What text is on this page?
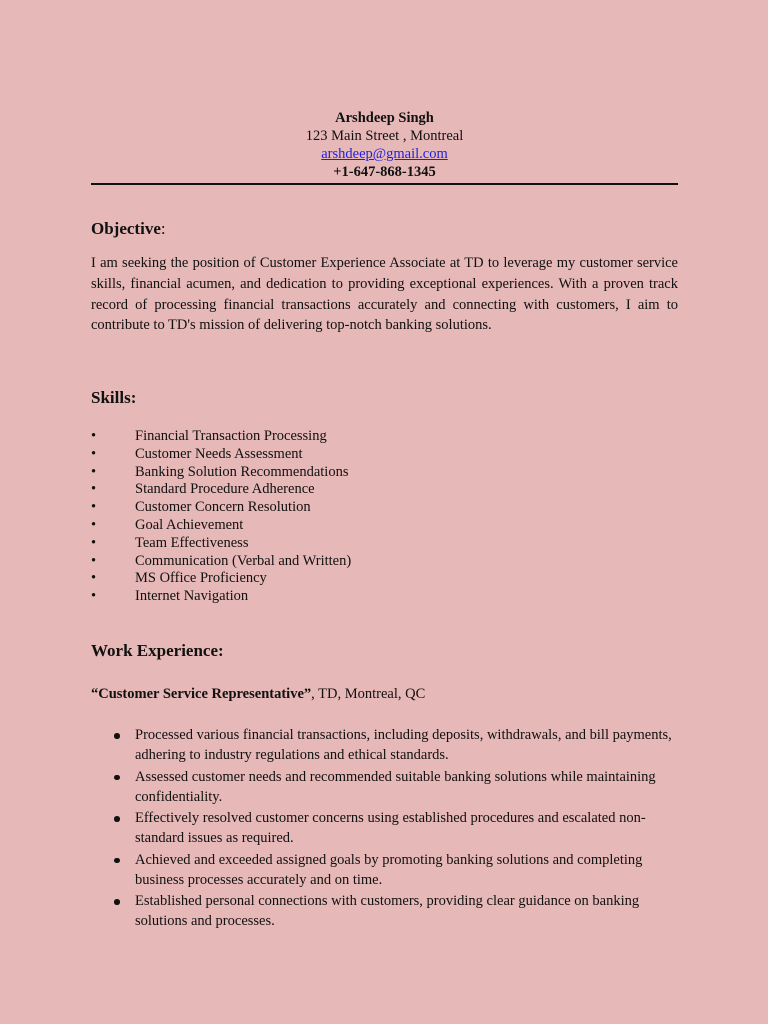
Arshdeep Singh
123 Main Street , Montreal
arshdeep@gmail.com
+1-647-868-1345
Objective:
I am seeking the position of Customer Experience Associate at TD to leverage my customer service skills, financial acumen, and dedication to providing exceptional experiences. With a proven track record of processing financial transactions accurately and connecting with customers, I aim to contribute to TD's mission of delivering top-notch banking solutions.
Skills:
•	Financial Transaction Processing
•	Customer Needs Assessment
•	Banking Solution Recommendations
•	Standard Procedure Adherence
•	Customer Concern Resolution
•	Goal Achievement
•	Team Effectiveness
•	Communication (Verbal and Written)
•	MS Office Proficiency
•	Internet Navigation
Work Experience:
“Customer Service Representative”, TD, Montreal, QC
Processed various financial transactions, including deposits, withdrawals, and bill payments, adhering to industry regulations and ethical standards.
Assessed customer needs and recommended suitable banking solutions while maintaining confidentiality.
Effectively resolved customer concerns using established procedures and escalated non-standard issues as required.
Achieved and exceeded assigned goals by promoting banking solutions and completing business processes accurately and on time.
Established personal connections with customers, providing clear guidance on banking solutions and processes.
